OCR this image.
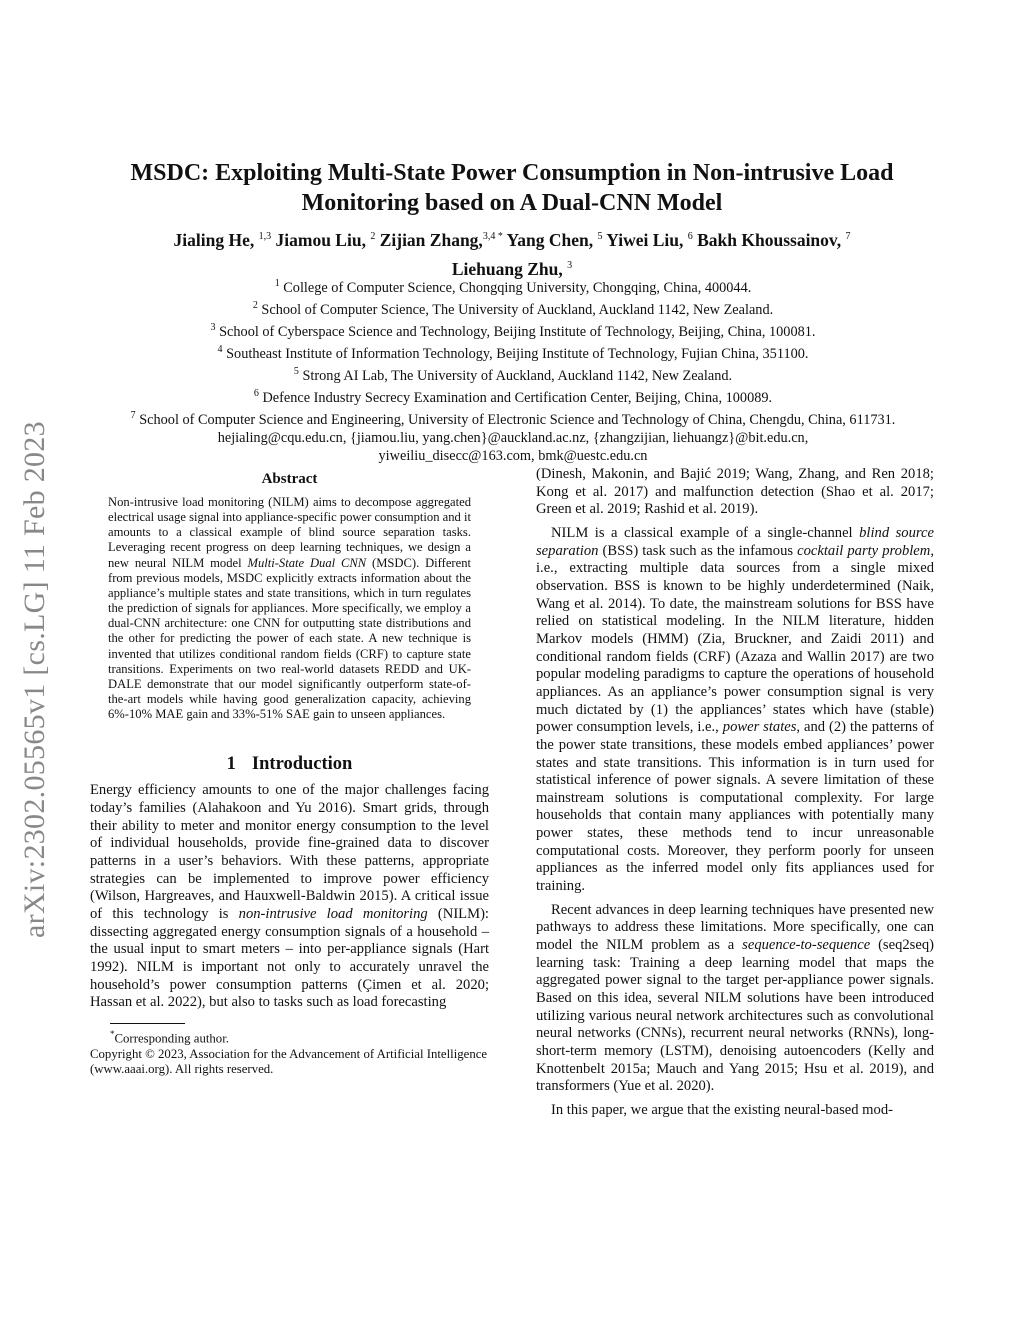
arXiv:2302.05565v1 [cs.LG] 11 Feb 2023
MSDC: Exploiting Multi-State Power Consumption in Non-intrusive Load
Monitoring based on A Dual-CNN Model
Jialing He, $^{1,3}$ Jiamou Liu, $^2$ Zijian Zhang,$^{3,4 *}$ Yang Chen, $^5$ Yiwei Liu, $^6$ Bakh Khoussainov, $^7$
Liehuang Zhu, $^3$
$^1$ College of Computer Science, Chongqing University, Chongqing, China, 400044.
$^2$ School of Computer Science, The University of Auckland, Auckland 1142, New Zealand.
$^3$ School of Cyberspace Science and Technology, Beijing Institute of Technology, Beijing, China, 100081.
$^4$ Southeast Institute of Information Technology, Beijing Institute of Technology, Fujian China, 351100.
$^5$ Strong AI Lab, The University of Auckland, Auckland 1142, New Zealand.
$^6$ Defence Industry Secrecy Examination and Certification Center, Beijing, China, 100089.
$^7$ School of Computer Science and Engineering, University of Electronic Science and Technology of China, Chengdu, China, 611731.
hejialing@cqu.edu.cn, {jiamou.liu, yang.chen}@auckland.ac.nz, {zhangzijian, liehuangz}@bit.edu.cn,
yiweiliu_disecc@163.com, bmk@uestc.edu.cn
Abstract

Non-intrusive load monitoring (NILM) aims to decompose aggregated electrical usage signal into appliance-specific power consumption and it amounts to a classical example of blind source separation tasks. Leveraging recent progress on deep learning techniques, we design a new neural NILM model Multi-State Dual CNN (MSDC). Different from previous models, MSDC explicitly extracts information about the appliance’s multiple states and state transitions, which in turn regulates the prediction of signals for appliances. More specifically, we employ a dual-CNN architecture: one CNN for outputting state distributions and the other for predicting the power of each state. A new technique is invented that utilizes conditional random fields (CRF) to capture state transitions. Experiments on two real-world datasets REDD and UK-DALE demonstrate that our model significantly outperform state-of-the-art models while having good generalization capacity, achieving 6%-10% MAE gain and 33%-51% SAE gain to unseen appliances.

1 Introduction

Energy efficiency amounts to one of the major challenges facing today’s families (Alahakoon and Yu 2016). Smart grids, through their ability to meter and monitor energy consumption to the level of individual households, provide fine-grained data to discover patterns in a user’s behaviors. With these patterns, appropriate strategies can be implemented to improve power efficiency (Wilson, Hargreaves, and Hauxwell-Baldwin 2015). A critical issue of this technology is non-intrusive load monitoring (NILM): dissecting aggregated energy consumption signals of a household – the usual input to smart meters – into per-appliance signals (Hart 1992). NILM is important not only to accurately unravel the household’s power consumption patterns (Çimen et al. 2020; Hassan et al. 2022), but also to tasks such as load forecasting

*Corresponding author.

Copyright © 2023, Association for the Advancement of Artificial Intelligence (www.aaai.org). All rights reserved.

(Dinesh, Makonin, and Bajić 2019; Wang, Zhang, and Ren 2018; Kong et al. 2017) and malfunction detection (Shao et al. 2017; Green et al. 2019; Rashid et al. 2019).

NILM is a classical example of a single-channel blind source separation (BSS) task such as the infamous cocktail party problem, i.e., extracting multiple data sources from a single mixed observation. BSS is known to be highly underdetermined (Naik, Wang et al. 2014). To date, the mainstream solutions for BSS have relied on statistical modeling. In the NILM literature, hidden Markov models (HMM) (Zia, Bruckner, and Zaidi 2011) and conditional random fields (CRF) (Azaza and Wallin 2017) are two popular modeling paradigms to capture the operations of household appliances. As an appliance’s power consumption signal is very much dictated by (1) the appliances’ states which have (stable) power consumption levels, i.e., power states, and (2) the patterns of the power state transitions, these models embed appliances’ power states and state transitions. This information is in turn used for statistical inference of power signals. A severe limitation of these mainstream solutions is computational complexity. For large households that contain many appliances with potentially many power states, these methods tend to incur unreasonable computational costs. Moreover, they perform poorly for unseen appliances as the inferred model only fits appliances used for training.

Recent advances in deep learning techniques have presented new pathways to address these limitations. More specifically, one can model the NILM problem as a sequence-to-sequence (seq2seq) learning task: Training a deep learning model that maps the aggregated power signal to the target per-appliance power signals. Based on this idea, several NILM solutions have been introduced utilizing various neural network architectures such as convolutional neural networks (CNNs), recurrent neural networks (RNNs), long-short-term memory (LSTM), denoising autoencoders (Kelly and Knottenbelt 2015a; Mauch and Yang 2015; Hsu et al. 2019), and transformers (Yue et al. 2020).

In this paper, we argue that the existing neural-based mod-
